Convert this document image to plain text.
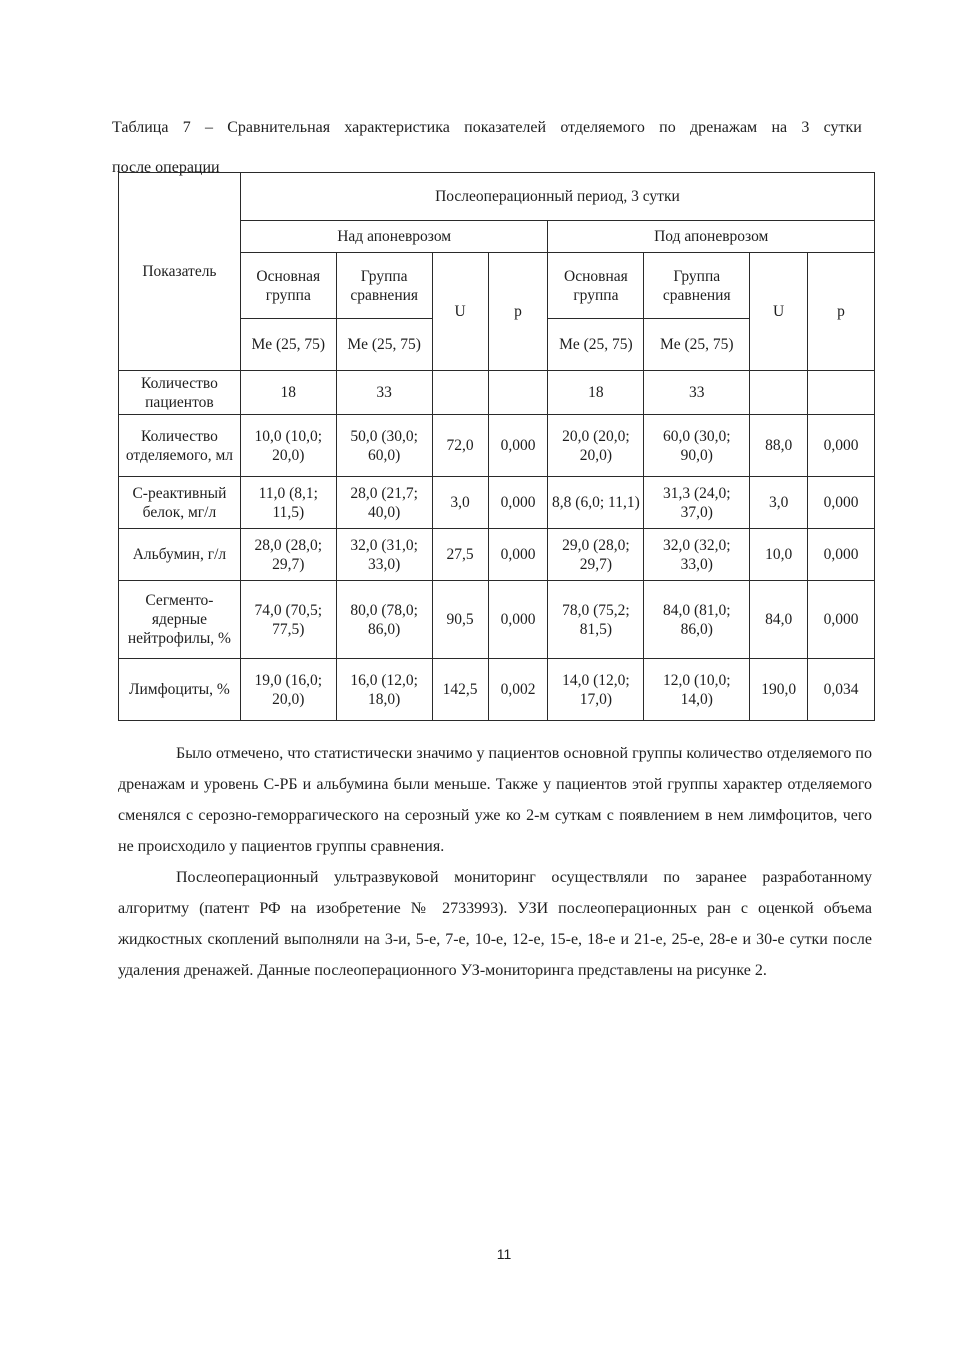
Таблица 7 – Сравнительная характеристика показателей отделяемого по дренажам на 3 сутки
после операции
Показатель	Послеоперационный период, 3 сутки							
	Над апоневрозом				Под апоневрозом			
	Основная группа	Группа сравнения	U	p	Основная группа	Группа сравнения	U	p
	Me (25, 75)	Me (25, 75)			Me (25, 75)	Me (25, 75)		
Количество пациентов	18	33			18	33		
Количество отделяемого, мл	10,0 (10,0; 20,0)	50,0 (30,0; 60,0)	72,0	0,000	20,0 (20,0; 20,0)	60,0 (30,0; 90,0)	88,0	0,000
С-реактивный белок, мг/л	11,0 (8,1; 11,5)	28,0 (21,7; 40,0)	3,0	0,000	8,8 (6,0; 11,1)	31,3 (24,0; 37,0)	3,0	0,000
Альбумин, г/л	28,0 (28,0; 29,7)	32,0 (31,0; 33,0)	27,5	0,000	29,0 (28,0; 29,7)	32,0 (32,0; 33,0)	10,0	0,000
Сегменто-ядерные нейтрофилы, %	74,0 (70,5; 77,5)	80,0 (78,0; 86,0)	90,5	0,000	78,0 (75,2; 81,5)	84,0 (81,0; 86,0)	84,0	0,000
Лимфоциты, %	19,0 (16,0; 20,0)	16,0 (12,0; 18,0)	142,5	0,002	14,0 (12,0; 17,0)	12,0 (10,0; 14,0)	190,0	0,034

Было отмечено, что статистически значимо у пациентов основной группы количество отделяемого по дренажам и уровень С-РБ и альбумина были меньше. Также у пациентов этой группы характер отделяемого сменялся с серозно-геморрагического на серозный уже ко 2-м суткам с появлением в нем лимфоцитов, чего не происходило у пациентов группы сравнения.

Послеоперационный ультразвуковой мониторинг осуществляли по заранее разработанному алгоритму (патент РФ на изобретение № 2733993). УЗИ послеоперационных ран с оценкой объема жидкостных скоплений выполняли на 3-и, 5-е, 7-е, 10-е, 12-е, 15-е, 18-е и 21-е, 25-е, 28-е и 30-е сутки после удаления дренажей. Данные послеоперационного УЗ-мониторинга представлены на рисунке 2.

11
